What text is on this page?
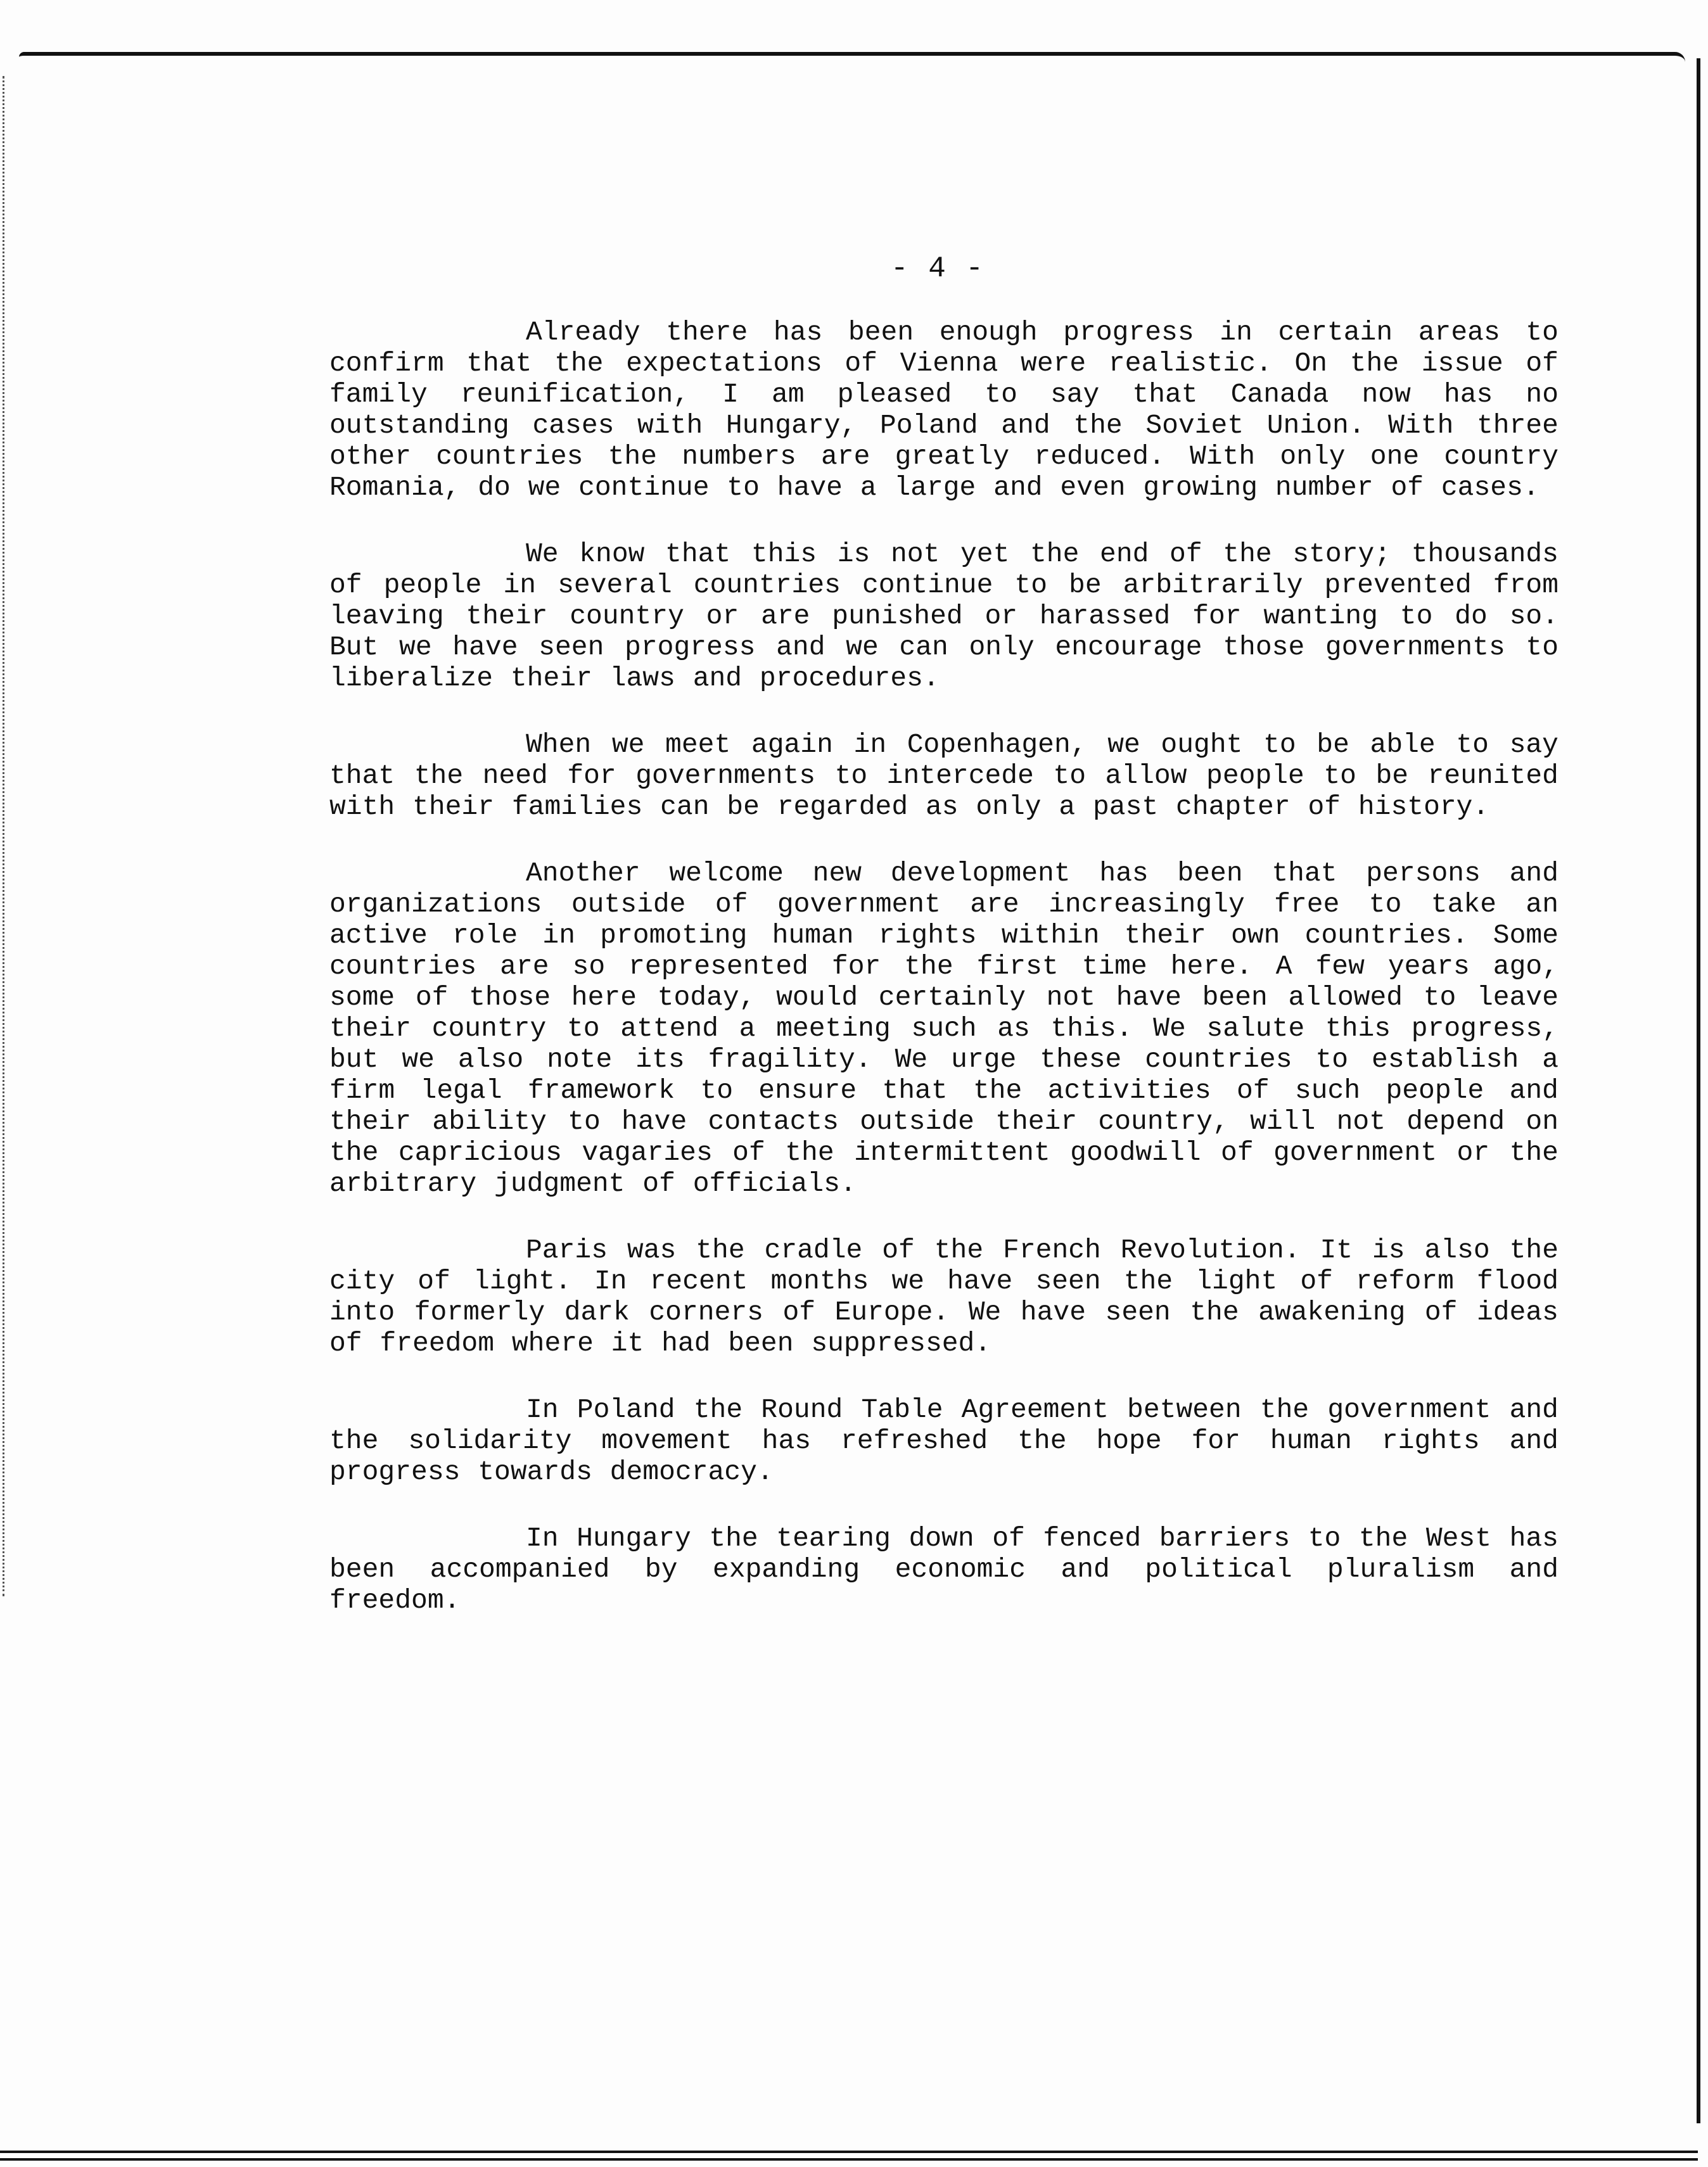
- 4 -

Already there has been enough progress in certain areas to confirm that the expectations of Vienna were realistic. On the issue of family reunification, I am pleased to say that Canada now has no outstanding cases with Hungary, Poland and the Soviet Union. With three other countries the numbers are greatly reduced. With only one country Romania, do we continue to have a large and even growing number of cases.

We know that this is not yet the end of the story; thousands of people in several countries continue to be arbitrarily prevented from leaving their country or are punished or harassed for wanting to do so. But we have seen progress and we can only encourage those governments to liberalize their laws and procedures.

When we meet again in Copenhagen, we ought to be able to say that the need for governments to intercede to allow people to be reunited with their families can be regarded as only a past chapter of history.

Another welcome new development has been that persons and organizations outside of government are increasingly free to take an active role in promoting human rights within their own countries. Some countries are so represented for the first time here. A few years ago, some of those here today, would certainly not have been allowed to leave their country to attend a meeting such as this. We salute this progress, but we also note its fragility. We urge these countries to establish a firm legal framework to ensure that the activities of such people and their ability to have contacts outside their country, will not depend on the capricious vagaries of the intermittent goodwill of government or the arbitrary judgment of officials.

Paris was the cradle of the French Revolution. It is also the city of light. In recent months we have seen the light of reform flood into formerly dark corners of Europe. We have seen the awakening of ideas of freedom where it had been suppressed.

In Poland the Round Table Agreement between the government and the solidarity movement has refreshed the hope for human rights and progress towards democracy.

In Hungary the tearing down of fenced barriers to the West has been accompanied by expanding economic and political pluralism and freedom.
